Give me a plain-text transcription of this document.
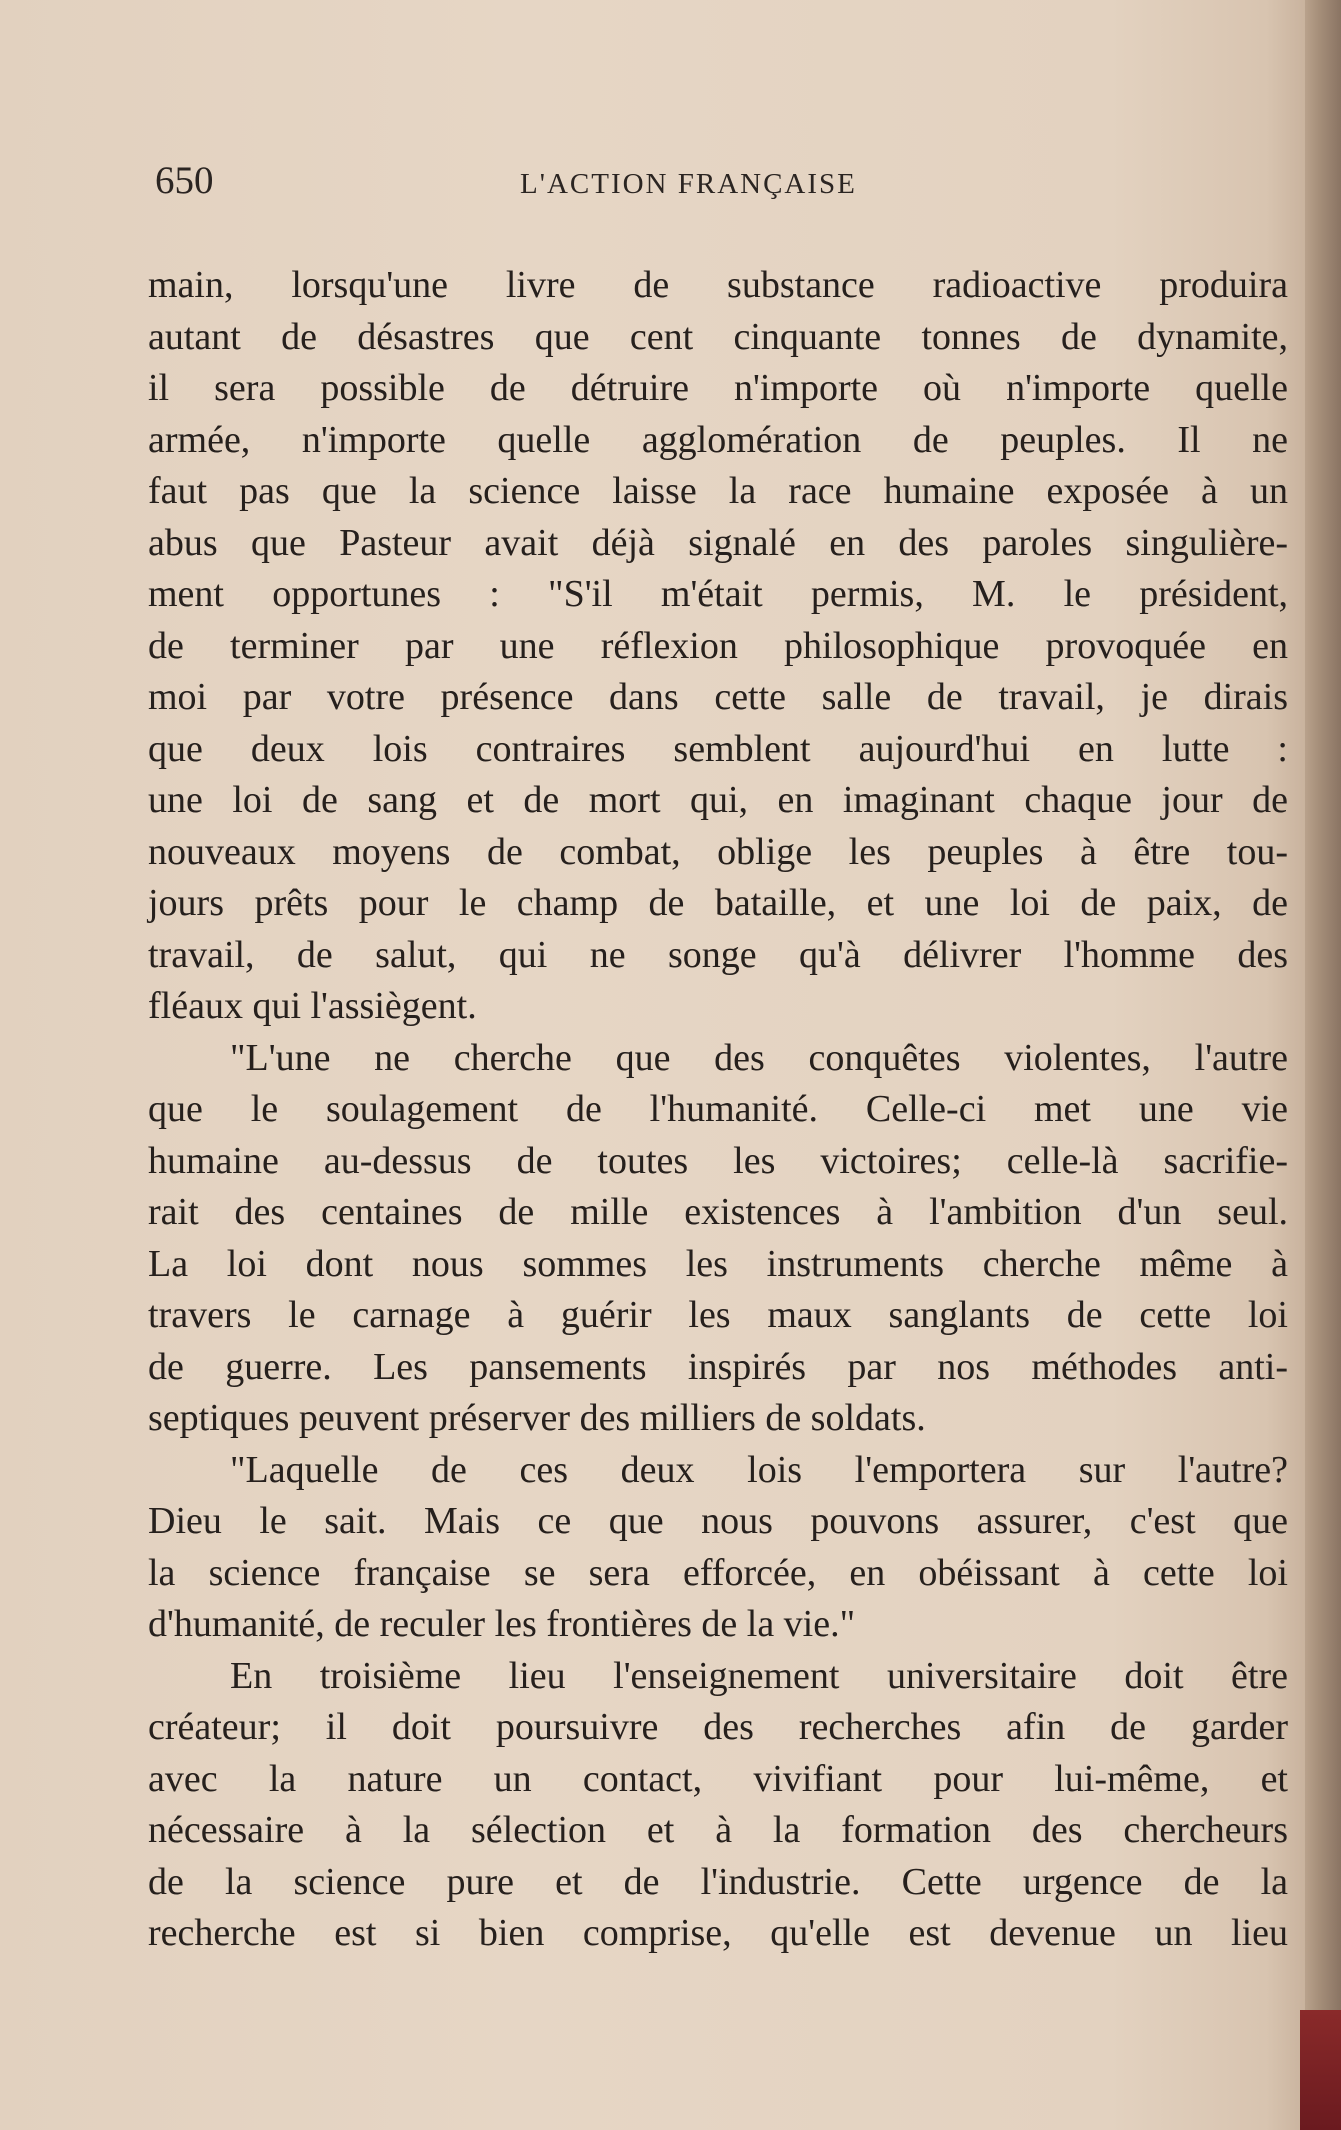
650	L'ACTION FRANÇAISE
main, lorsqu'une livre de substance radioactive produira
autant de désastres que cent cinquante tonnes de dynamite,
il sera possible de détruire n'importe où n'importe quelle
armée, n'importe quelle agglomération de peuples. Il ne
faut pas que la science laisse la race humaine exposée à un
abus que Pasteur avait déjà signalé en des paroles singulière-
ment opportunes : "S'il m'était permis, M. le président,
de terminer par une réflexion philosophique provoquée en
moi par votre présence dans cette salle de travail, je dirais
que deux lois contraires semblent aujourd'hui en lutte :
une loi de sang et de mort qui, en imaginant chaque jour de
nouveaux moyens de combat, oblige les peuples à être tou-
jours prêts pour le champ de bataille, et une loi de paix, de
travail, de salut, qui ne songe qu'à délivrer l'homme des
fléaux qui l'assiègent.
"L'une ne cherche que des conquêtes violentes, l'autre
que le soulagement de l'humanité. Celle-ci met une vie
humaine au-dessus de toutes les victoires; celle-là sacrifie-
rait des centaines de mille existences à l'ambition d'un seul.
La loi dont nous sommes les instruments cherche même à
travers le carnage à guérir les maux sanglants de cette loi
de guerre. Les pansements inspirés par nos méthodes anti-
septiques peuvent préserver des milliers de soldats.
"Laquelle de ces deux lois l'emportera sur l'autre?
Dieu le sait. Mais ce que nous pouvons assurer, c'est que
la science française se sera efforcée, en obéissant à cette loi
d'humanité, de reculer les frontières de la vie."
En troisième lieu l'enseignement universitaire doit être
créateur; il doit poursuivre des recherches afin de garder
avec la nature un contact, vivifiant pour lui-même, et
nécessaire à la sélection et à la formation des chercheurs
de la science pure et de l'industrie. Cette urgence de la
recherche est si bien comprise, qu'elle est devenue un lieu
